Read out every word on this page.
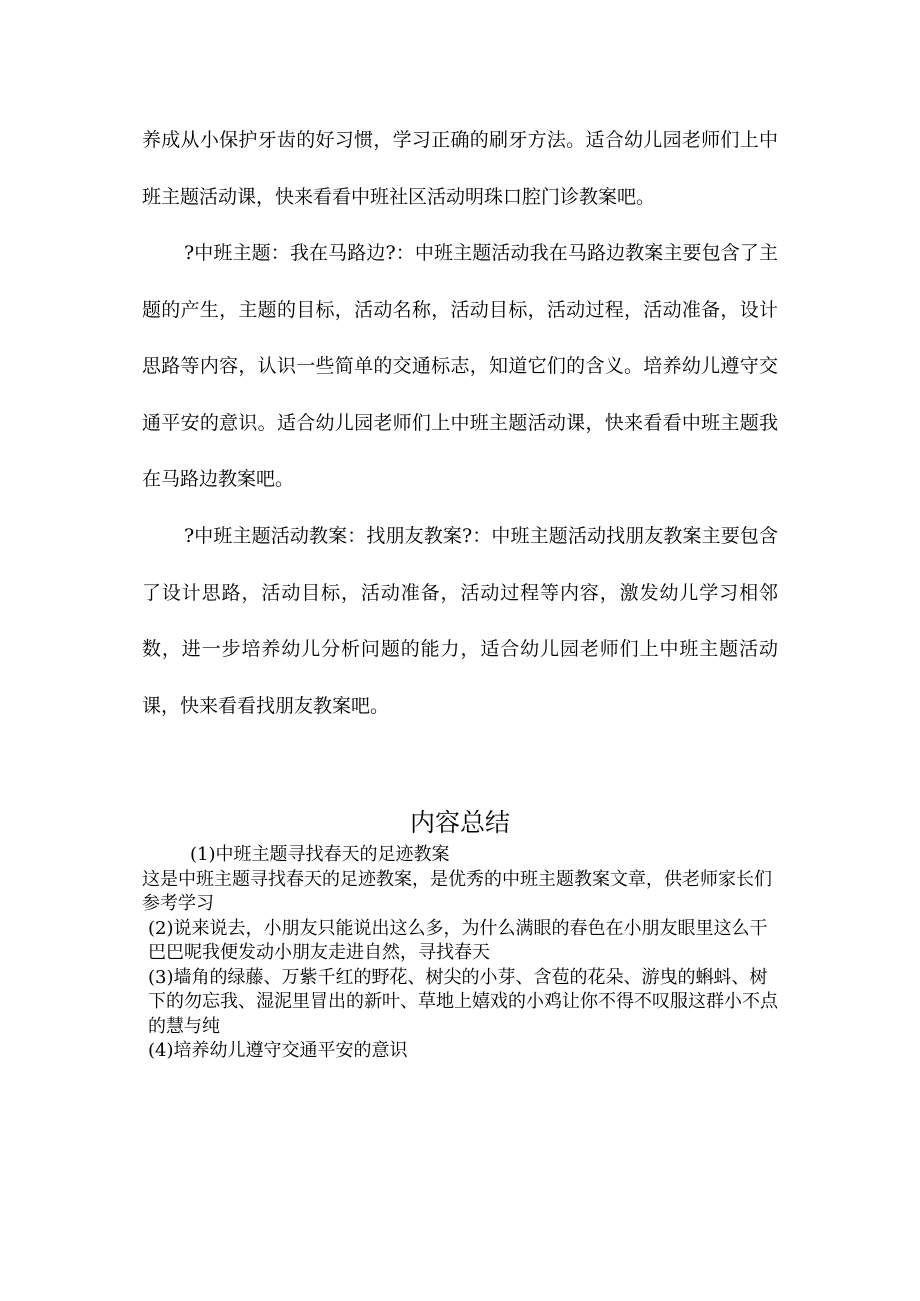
养成从小保护牙齿的好习惯，学习正确的刷牙方法。适合幼儿园老师们上中班主题活动课，快来看看中班社区活动明珠口腔门诊教案吧。

?中班主题：我在马路边?：中班主题活动我在马路边教案主要包含了主题的产生，主题的目标，活动名称，活动目标，活动过程，活动准备，设计思路等内容，认识一些简单的交通标志，知道它们的含义。培养幼儿遵守交通平安的意识。适合幼儿园老师们上中班主题活动课，快来看看中班主题我在马路边教案吧。

?中班主题活动教案：找朋友教案?：中班主题活动找朋友教案主要包含了设计思路，活动目标，活动准备，活动过程等内容，激发幼儿学习相邻数，进一步培养幼儿分析问题的能力，适合幼儿园老师们上中班主题活动课，快来看看找朋友教案吧。

内容总结

(1)中班主题寻找春天的足迹教案

这是中班主题寻找春天的足迹教案，是优秀的中班主题教案文章，供老师家长们参考学习

(2)说来说去，小朋友只能说出这么多，为什么满眼的春色在小朋友眼里这么干巴巴呢我便发动小朋友走进自然，寻找春天

(3)墙角的绿藤、万紫千红的野花、树尖的小芽、含苞的花朵、游曳的蝌蚪、树下的勿忘我、湿泥里冒出的新叶、草地上嬉戏的小鸡让你不得不叹服这群小不点的慧与纯

(4)培养幼儿遵守交通平安的意识
